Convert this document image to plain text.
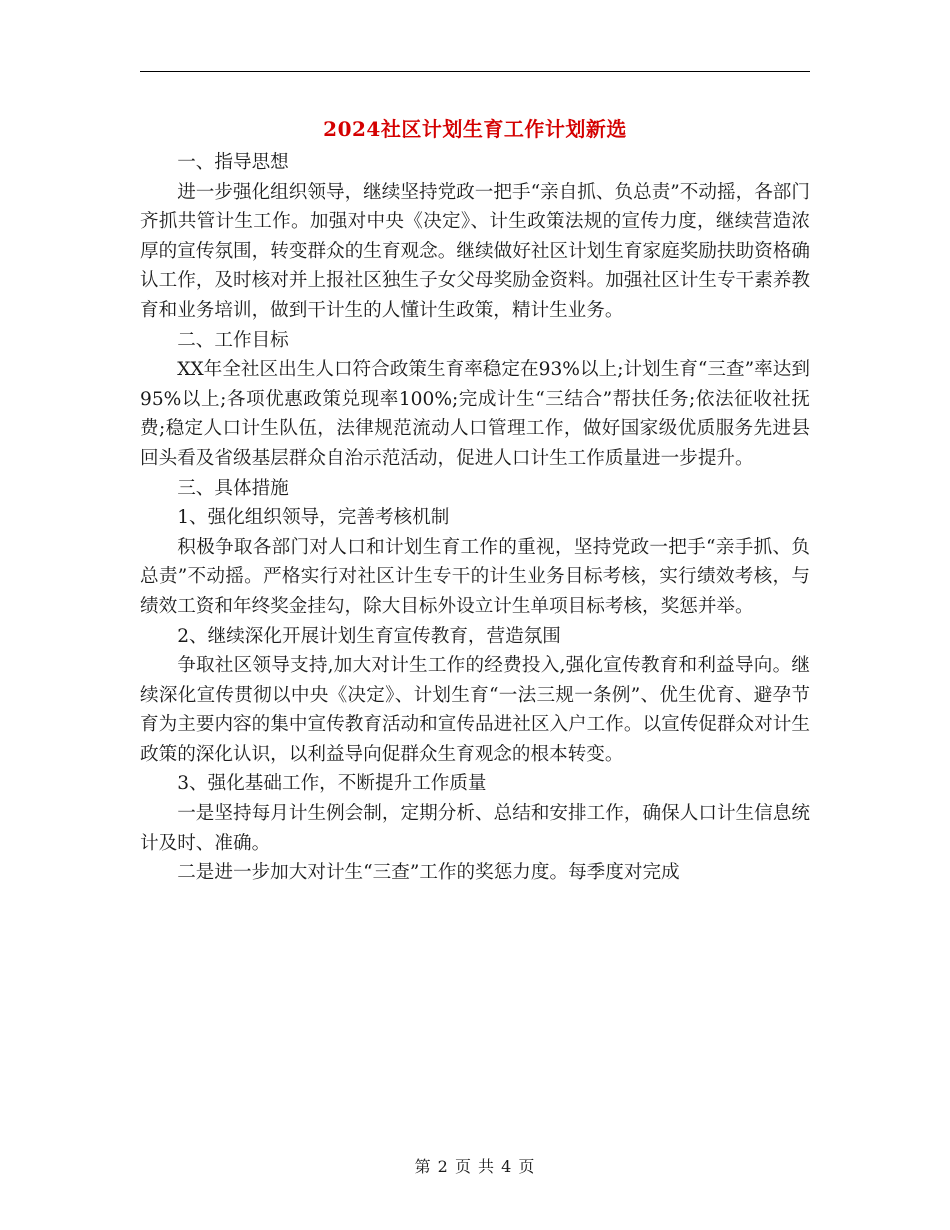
2024社区计划生育工作计划新选

一、指导思想

进一步强化组织领导，继续坚持党政一把手“亲自抓、负总责”不动摇，各部门齐抓共管计生工作。加强对中央《决定》、计生政策法规的宣传力度，继续营造浓厚的宣传氛围，转变群众的生育观念。继续做好社区计划生育家庭奖励扶助资格确认工作，及时核对并上报社区独生子女父母奖励金资料。加强社区计生专干素养教育和业务培训，做到干计生的人懂计生政策，精计生业务。

二、工作目标

XX年全社区出生人口符合政策生育率稳定在93%以上;计划生育“三查”率达到95%以上;各项优惠政策兑现率100%;完成计生“三结合”帮扶任务;依法征收社抚费;稳定人口计生队伍，法律规范流动人口管理工作，做好国家级优质服务先进县回头看及省级基层群众自治示范活动，促进人口计生工作质量进一步提升。

三、具体措施

1、强化组织领导，完善考核机制

积极争取各部门对人口和计划生育工作的重视，坚持党政一把手“亲手抓、负总责”不动摇。严格实行对社区计生专干的计生业务目标考核，实行绩效考核，与绩效工资和年终奖金挂勾，除大目标外设立计生单项目标考核，奖惩并举。

2、继续深化开展计划生育宣传教育，营造氛围

争取社区领导支持,加大对计生工作的经费投入,强化宣传教育和利益导向。继续深化宣传贯彻以中央《决定》、计划生育“一法三规一条例”、优生优育、避孕节育为主要内容的集中宣传教育活动和宣传品进社区入户工作。以宣传促群众对计生政策的深化认识，以利益导向促群众生育观念的根本转变。

3、强化基础工作，不断提升工作质量

一是坚持每月计生例会制，定期分析、总结和安排工作，确保人口计生信息统计及时、准确。

二是进一步加大对计生“三查”工作的奖惩力度。每季度对完成

第 2 页 共 4 页
